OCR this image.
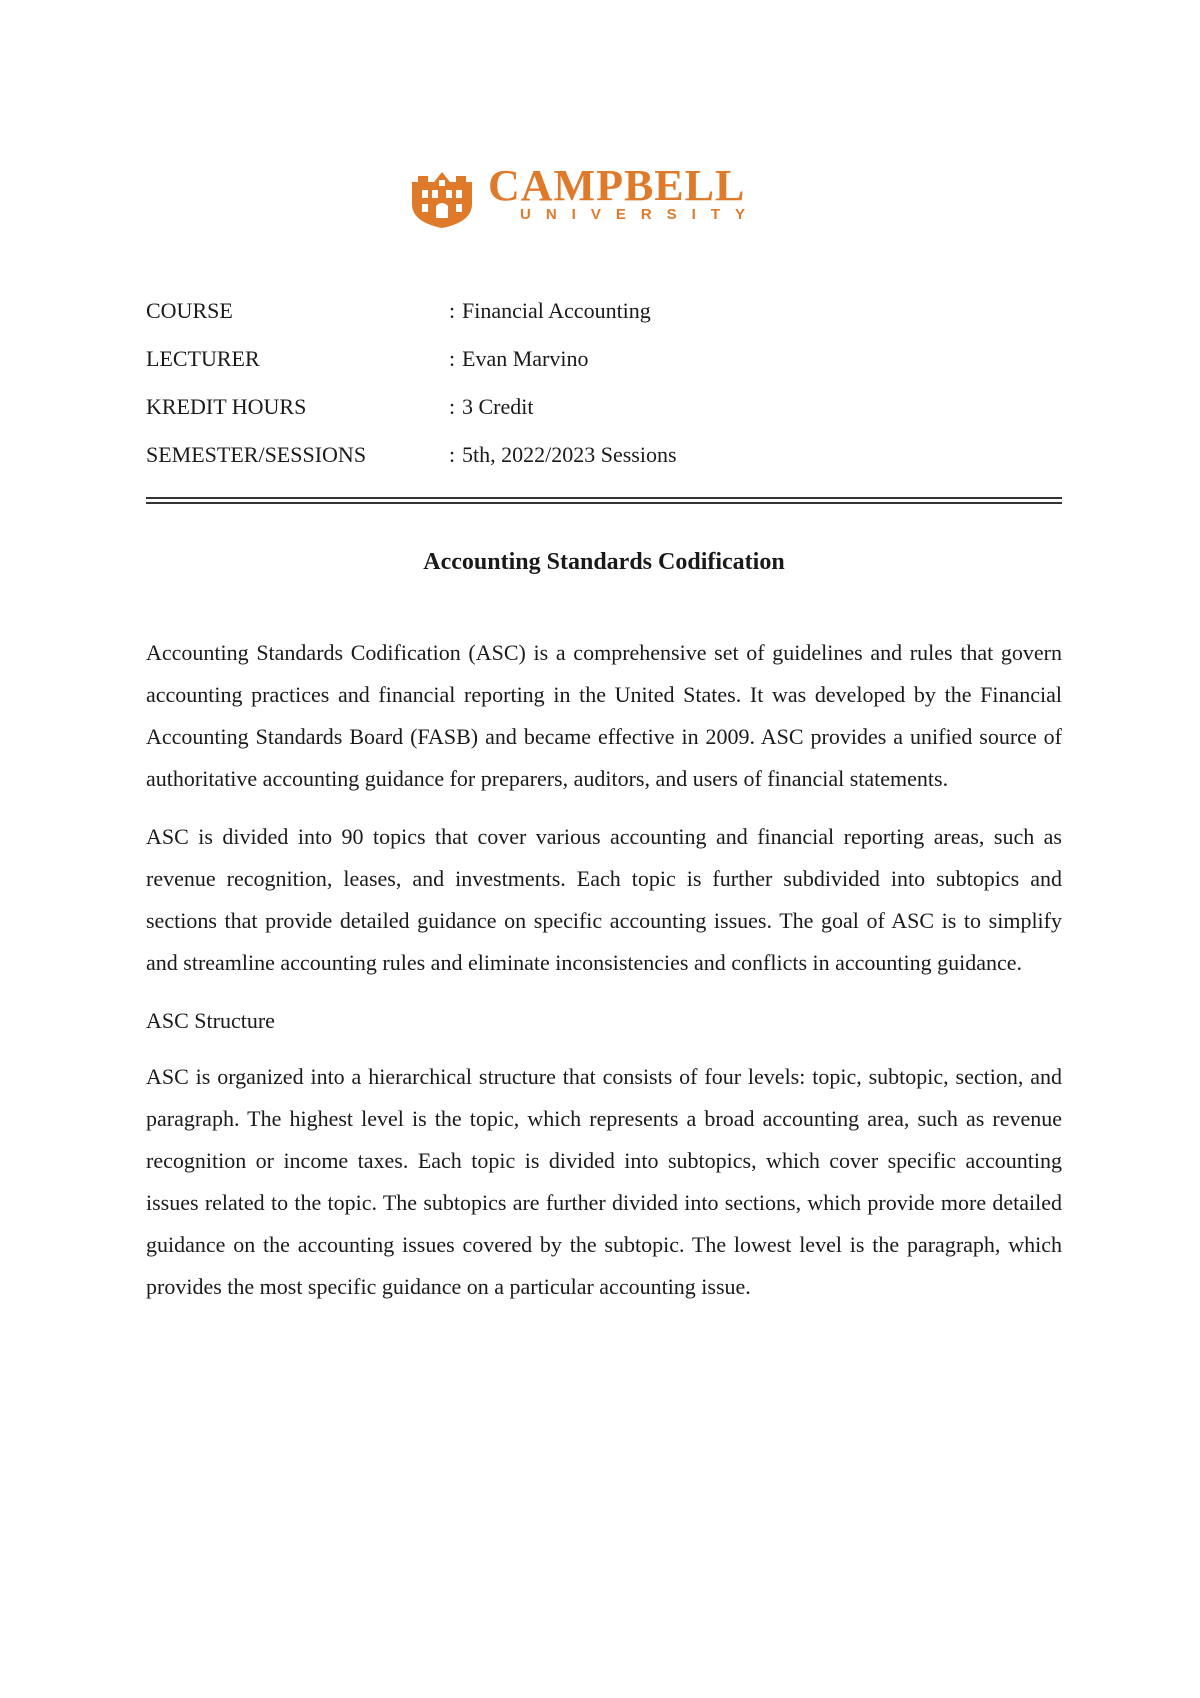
CAMPBELL
UNIVERSITY
COURSE	: Financial Accounting
LECTURER	: Evan Marvino
KREDIT HOURS	: 3 Credit
SEMESTER/SESSIONS	: 5th, 2022/2023 Sessions
Accounting Standards Codification

Accounting Standards Codification (ASC) is a comprehensive set of guidelines and rules that govern accounting practices and financial reporting in the United States. It was developed by the Financial Accounting Standards Board (FASB) and became effective in 2009. ASC provides a unified source of authoritative accounting guidance for preparers, auditors, and users of financial statements.

ASC is divided into 90 topics that cover various accounting and financial reporting areas, such as revenue recognition, leases, and investments. Each topic is further subdivided into subtopics and sections that provide detailed guidance on specific accounting issues. The goal of ASC is to simplify and streamline accounting rules and eliminate inconsistencies and conflicts in accounting guidance.

ASC Structure

ASC is organized into a hierarchical structure that consists of four levels: topic, subtopic, section, and paragraph. The highest level is the topic, which represents a broad accounting area, such as revenue recognition or income taxes. Each topic is divided into subtopics, which cover specific accounting issues related to the topic. The subtopics are further divided into sections, which provide more detailed guidance on the accounting issues covered by the subtopic. The lowest level is the paragraph, which provides the most specific guidance on a particular accounting issue.
